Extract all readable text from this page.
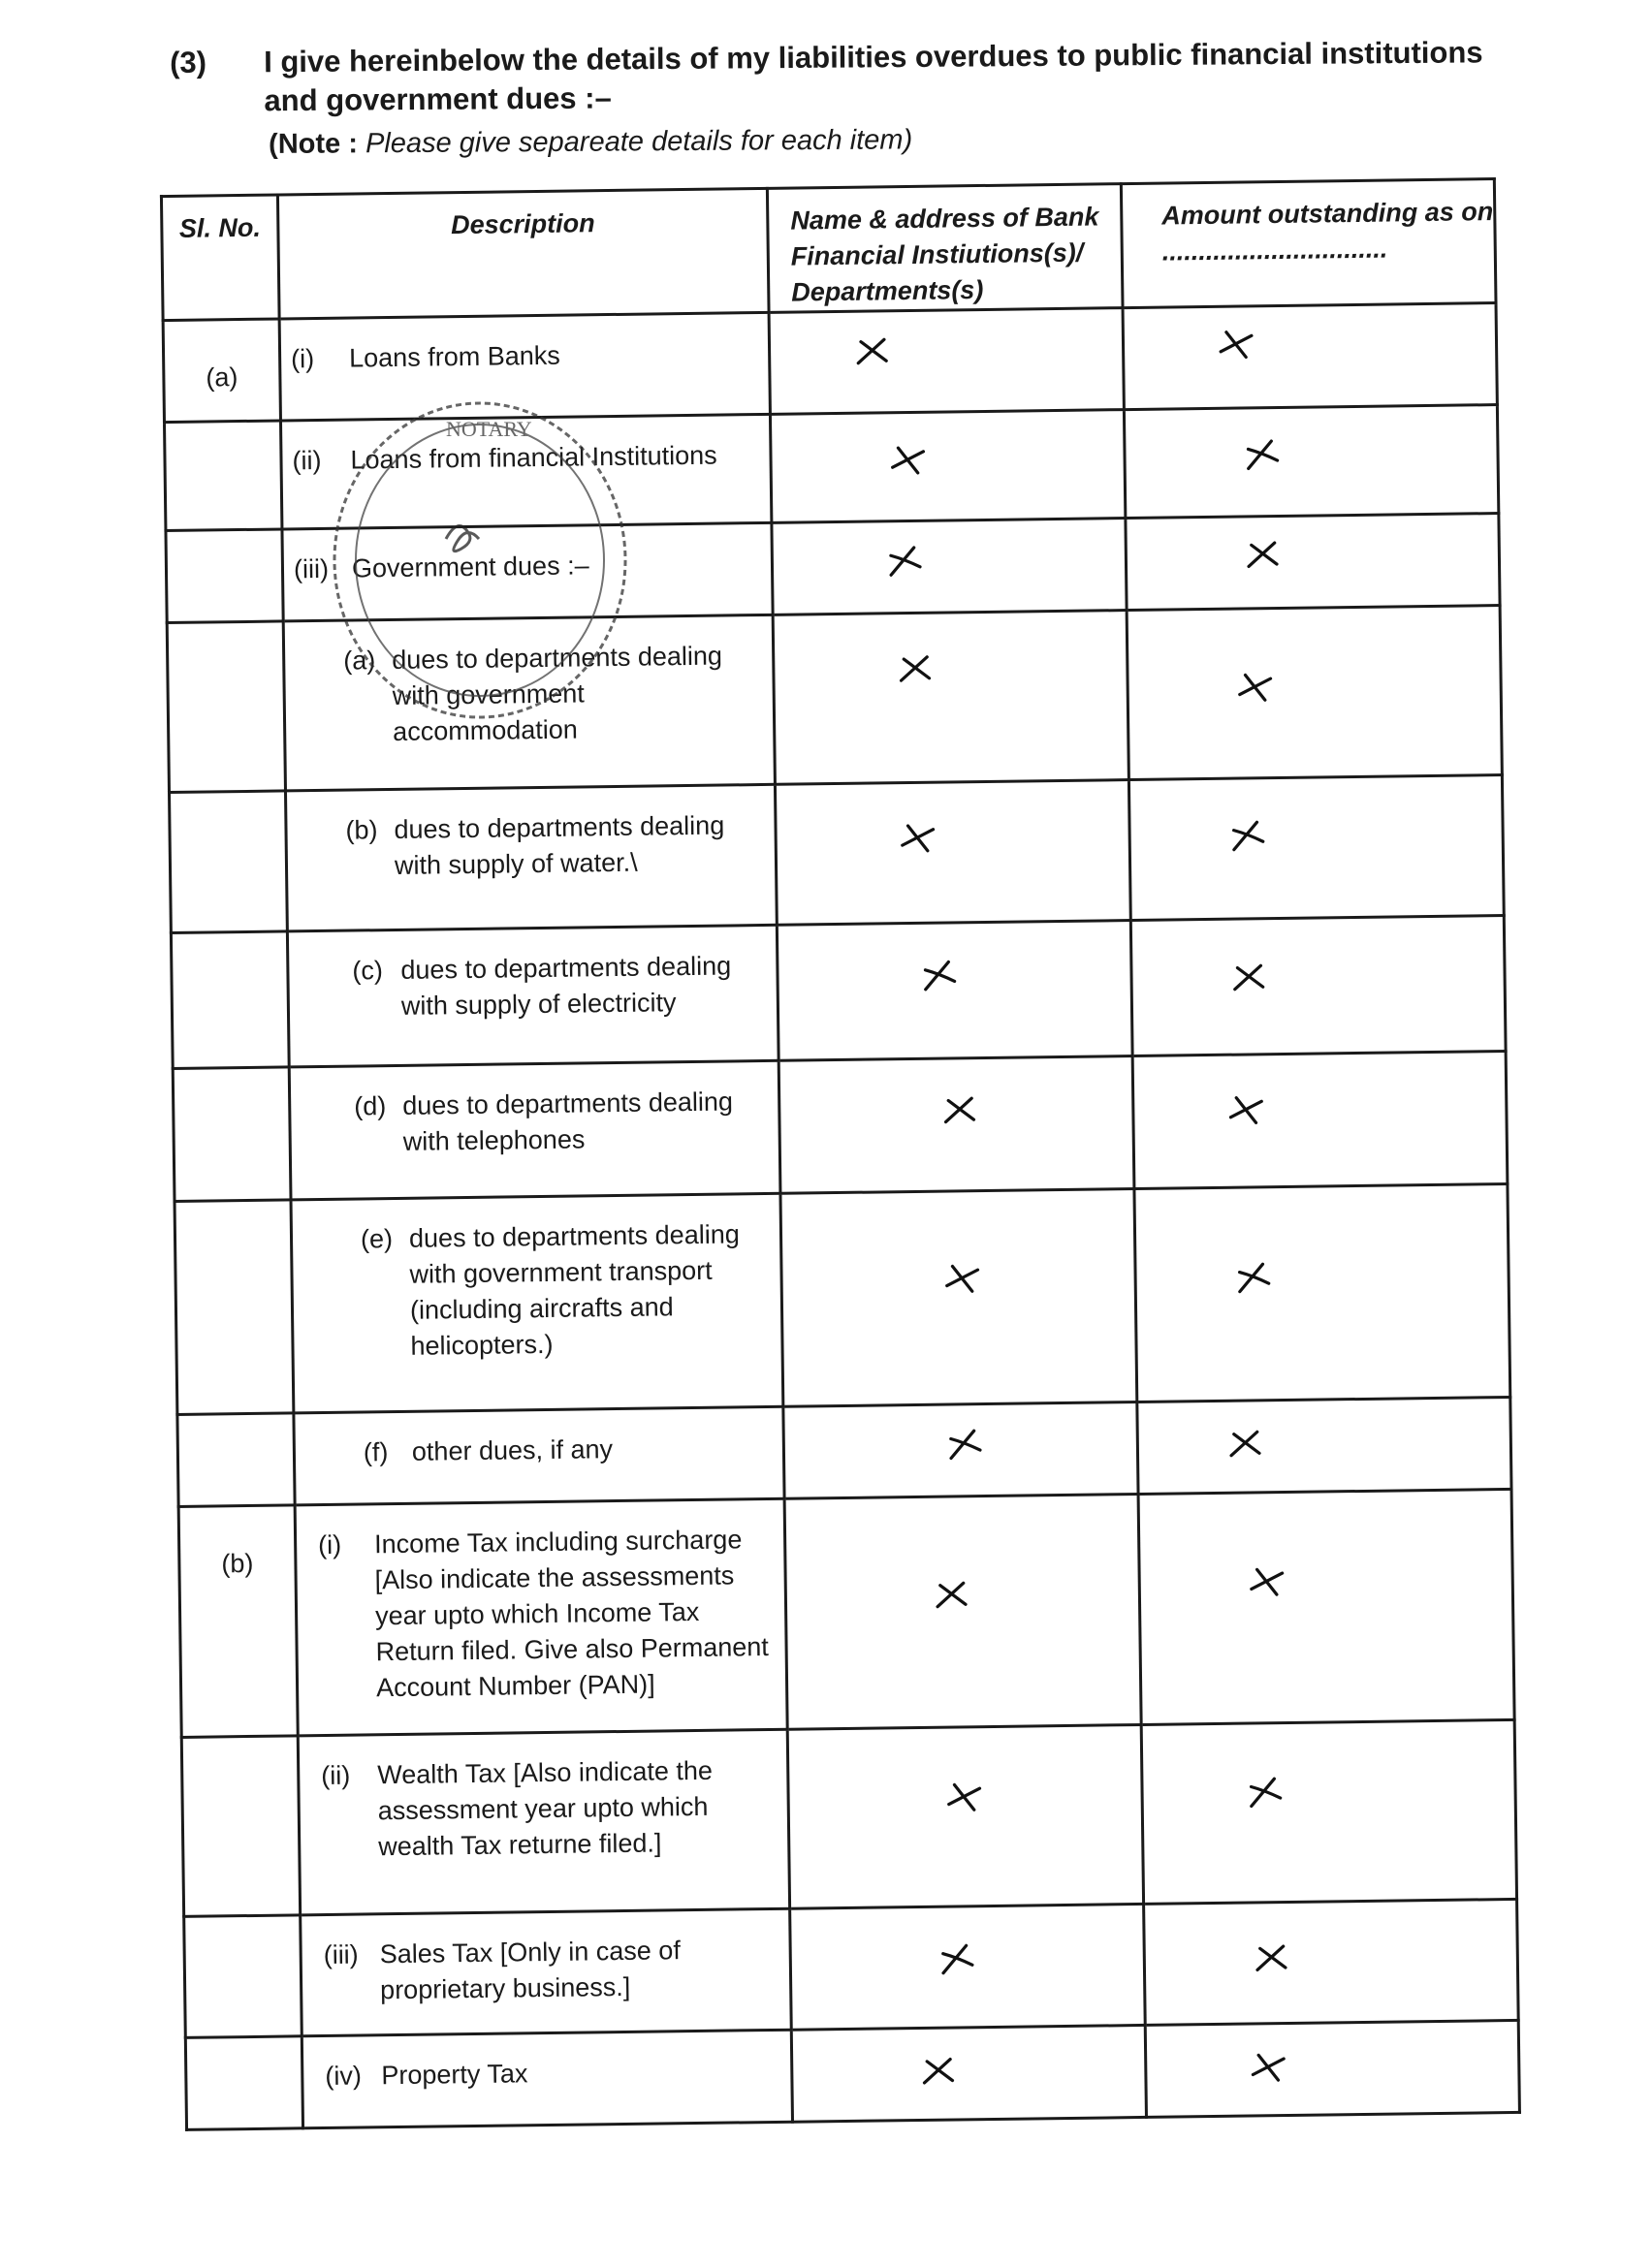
(3) I give hereinbelow the details of my liabilities overdues to public financial institutions and government dues :–
(Note : Please give separeate details for each item)
Sl. No.	Description	Name & address of Bank Financial Instiutions(s)/ Departments(s)	Amount outstanding as on ...............................
(a)	(i) Loans from Banks

	(ii) Loans from financial Institutions

	(iii) Government dues :–

	(a) dues to departments dealing with government accommodation

	(b) dues to departments dealing with supply of water.\

	(c) dues to departments dealing with supply of electricity

	(d) dues to departments dealing with telephones

	(e) dues to departments dealing with government transport (including aircrafts and helicopters.)

	(f) other dues, if any

(b)	(i) Income Tax including surcharge [Also indicate the assessments year upto which Income Tax Return filed. Give also Permanent Account Number (PAN)]

	(ii) Wealth Tax [Also indicate the assessment year upto which wealth Tax returne filed.]

	(iii) Sales Tax [Only in case of proprietary business.]

	(iv) Property Tax

NOTARY
